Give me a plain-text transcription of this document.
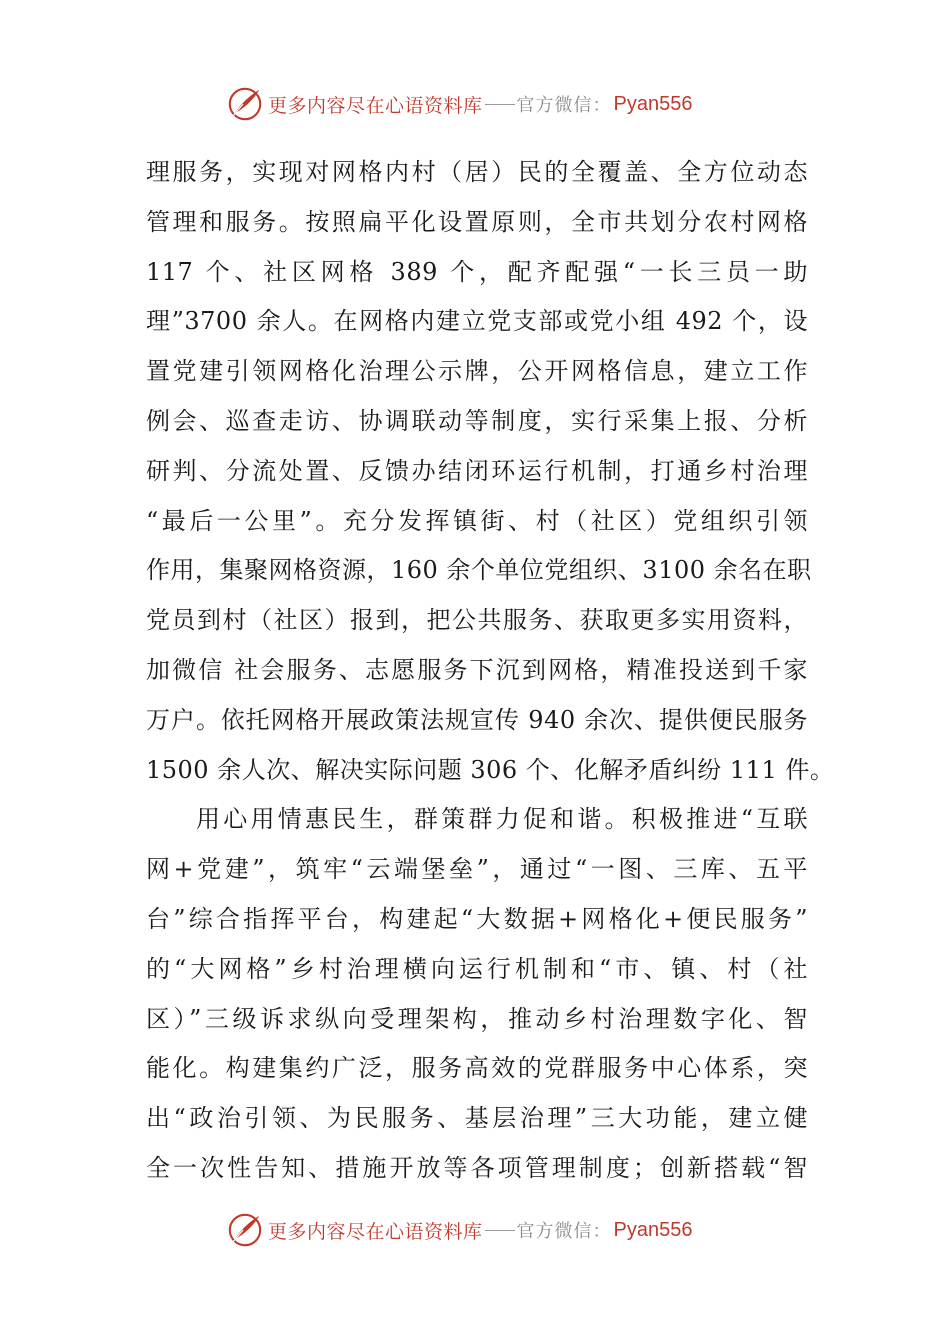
更多内容尽在心语资料库 官方微信： Pyan556
理服务，实现对网格内村（居）民的全覆盖、全方位动态
管理和服务。按照扁平化设置原则，全市共划分农村网格
117 个、社区网格 389 个，配齐配强“一长三员一助
理”3700 余人。在网格内建立党支部或党小组 492 个，设
置党建引领网格化治理公示牌，公开网格信息，建立工作
例会、巡查走访、协调联动等制度，实行采集上报、分析
研判、分流处置、反馈办结闭环运行机制，打通乡村治理
“最后一公里”。充分发挥镇街、村（社区）党组织引领
作用，集聚网格资源，160 余个单位党组织、3100 余名在职
党员到村（社区）报到，把公共服务、获取更多实用资料，
加微信 社会服务、志愿服务下沉到网格，精准投送到千家
万户。依托网格开展政策法规宣传 940 余次、提供便民服务
1500 余人次、解决实际问题 306 个、化解矛盾纠纷 111 件。
用心用情惠民生，群策群力促和谐。积极推进“互联
网+党建”，筑牢“云端堡垒”，通过“一图、三库、五平
台”综合指挥平台，构建起“大数据+网格化+便民服务”
的“大网格”乡村治理横向运行机制和“市、镇、村（社
区）”三级诉求纵向受理架构，推动乡村治理数字化、智
能化。构建集约广泛，服务高效的党群服务中心体系，突
出“政治引领、为民服务、基层治理”三大功能，建立健
全一次性告知、措施开放等各项管理制度；创新搭载“智
更多内容尽在心语资料库 官方微信： Pyan556
